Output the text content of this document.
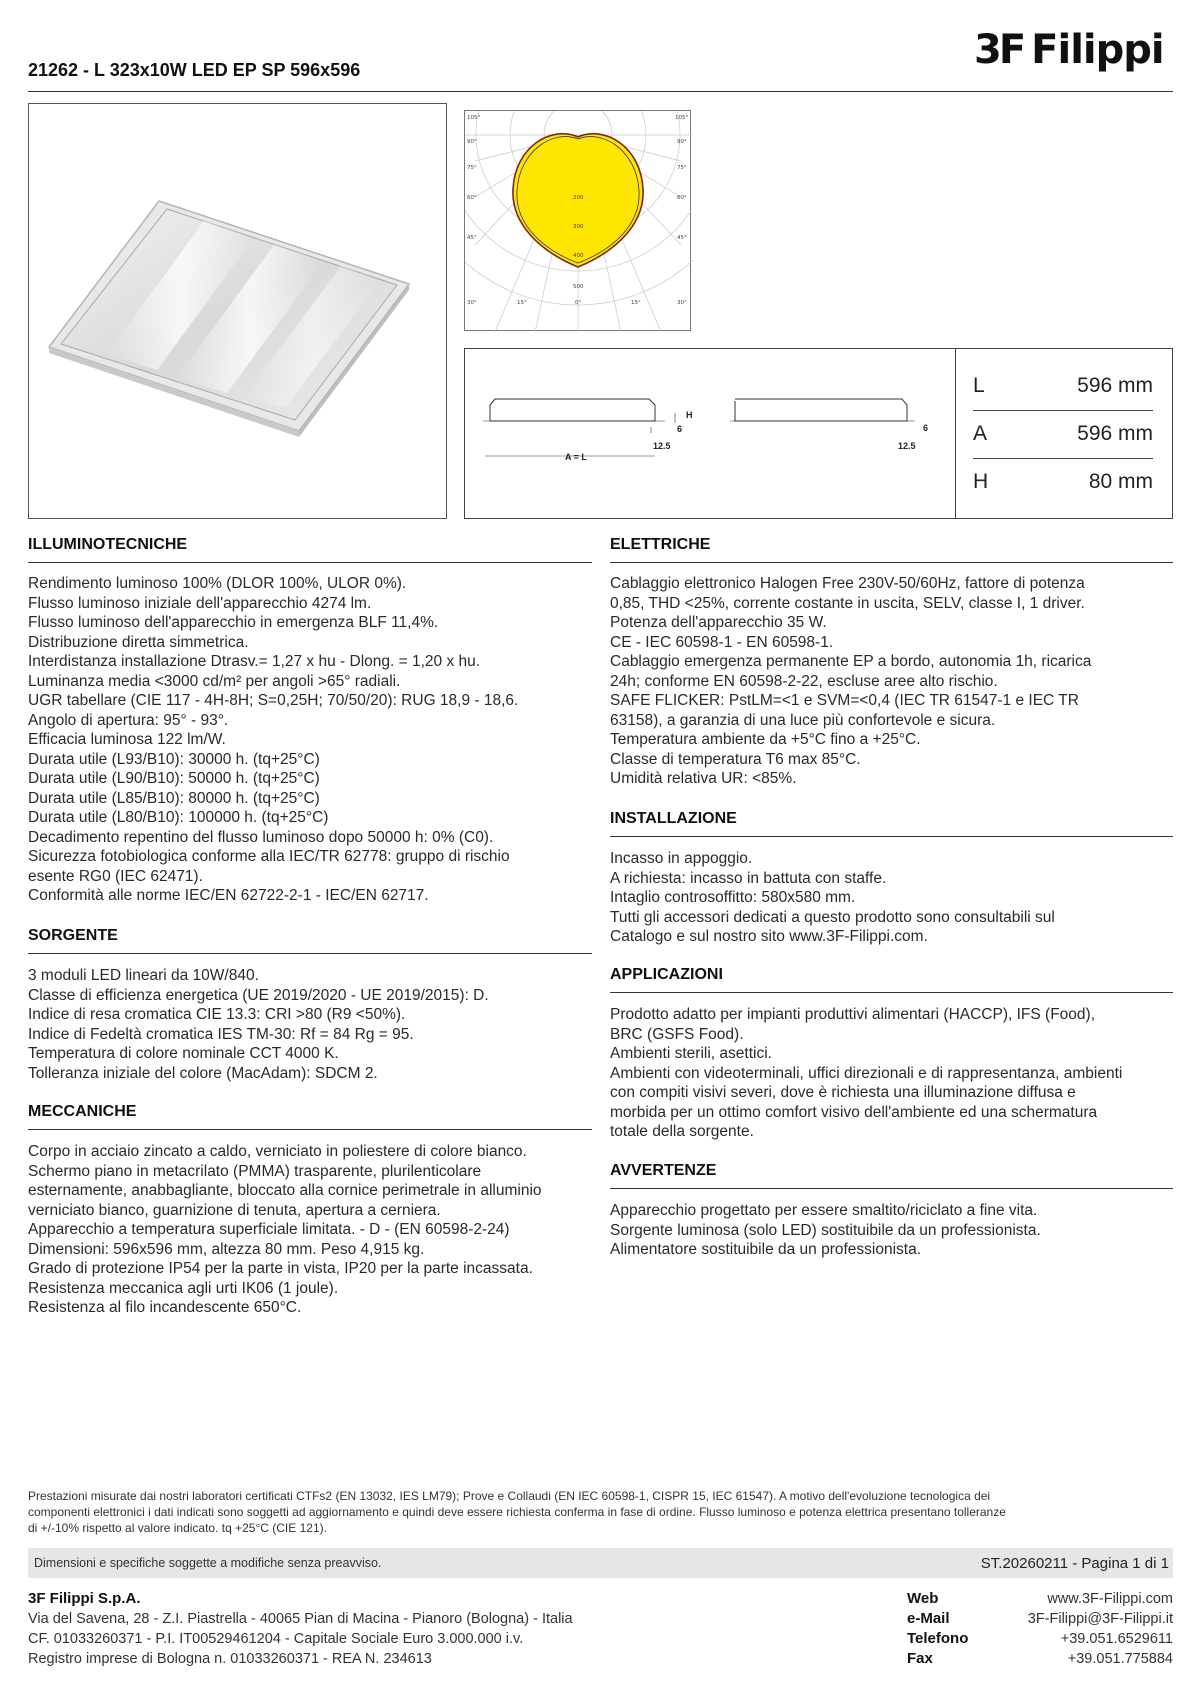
3F Filippi
21262 - L 323x10W LED EP SP 596x596
105°
90°
75°
60°
45°
30°
105°
90°
75°
60°
45°
30°
15°	0°	15°
200
300
400
500
A = L
H
6
12.5
6
12.5
L	596 mm
A	596 mm
H	80 mm
ILLUMINOTECNICHE
Rendimento luminoso 100% (DLOR 100%, ULOR 0%).
Flusso luminoso iniziale dell'apparecchio 4274 lm.
Flusso luminoso dell'apparecchio in emergenza BLF 11,4%.
Distribuzione diretta simmetrica.
Interdistanza installazione Dtrasv.= 1,27 x hu - Dlong. = 1,20 x hu.
Luminanza media <3000 cd/m² per angoli >65° radiali.
UGR tabellare (CIE 117 - 4H-8H; S=0,25H; 70/50/20): RUG 18,9 - 18,6.
Angolo di apertura: 95° - 93°.
Efficacia luminosa 122 lm/W.
Durata utile (L93/B10): 30000 h. (tq+25°C)
Durata utile (L90/B10): 50000 h. (tq+25°C)
Durata utile (L85/B10): 80000 h. (tq+25°C)
Durata utile (L80/B10): 100000 h. (tq+25°C)
Decadimento repentino del flusso luminoso dopo 50000 h: 0% (C0).
Sicurezza fotobiologica conforme alla IEC/TR 62778: gruppo di rischio
esente RG0 (IEC 62471).
Conformità alle norme IEC/EN 62722-2-1 - IEC/EN 62717.
SORGENTE
3 moduli LED lineari da 10W/840.
Classe di efficienza energetica (UE 2019/2020 - UE 2019/2015): D.
Indice di resa cromatica CIE 13.3: CRI >80 (R9 <50%).
Indice di Fedeltà cromatica IES TM-30: Rf = 84 Rg = 95.
Temperatura di colore nominale CCT 4000 K.
Tolleranza iniziale del colore (MacAdam): SDCM 2.
MECCANICHE
Corpo in acciaio zincato a caldo, verniciato in poliestere di colore bianco.
Schermo piano in metacrilato (PMMA) trasparente, plurilenticolare
esternamente, anabbagliante, bloccato alla cornice perimetrale in alluminio
verniciato bianco, guarnizione di tenuta, apertura a cerniera.
Apparecchio a temperatura superficiale limitata. - D - (EN 60598-2-24)
Dimensioni: 596x596 mm, altezza 80 mm. Peso 4,915 kg.
Grado di protezione IP54 per la parte in vista, IP20 per la parte incassata.
Resistenza meccanica agli urti IK06 (1 joule).
Resistenza al filo incandescente 650°C.
ELETTRICHE
Cablaggio elettronico Halogen Free 230V-50/60Hz, fattore di potenza
0,85, THD <25%, corrente costante in uscita, SELV, classe I, 1 driver.
Potenza dell'apparecchio 35 W.
CE - IEC 60598-1 - EN 60598-1.
Cablaggio emergenza permanente EP a bordo, autonomia 1h, ricarica
24h; conforme EN 60598-2-22, escluse aree alto rischio.
SAFE FLICKER: PstLM=<1 e SVM=<0,4 (IEC TR 61547-1 e IEC TR
63158), a garanzia di una luce più confortevole e sicura.
Temperatura ambiente da +5°C fino a +25°C.
Classe di temperatura T6 max 85°C.
Umidità relativa UR: <85%.
INSTALLAZIONE
Incasso in appoggio.
A richiesta: incasso in battuta con staffe.
Intaglio controsoffitto: 580x580 mm.
Tutti gli accessori dedicati a questo prodotto sono consultabili sul
Catalogo e sul nostro sito www.3F-Filippi.com.
APPLICAZIONI
Prodotto adatto per impianti produttivi alimentari (HACCP), IFS (Food),
BRC (GSFS Food).
Ambienti sterili, asettici.
Ambienti con videoterminali, uffici direzionali e di rappresentanza, ambienti
con compiti visivi severi, dove è richiesta una illuminazione diffusa e
morbida per un ottimo comfort visivo dell'ambiente ed una schermatura
totale della sorgente.
AVVERTENZE
Apparecchio progettato per essere smaltito/riciclato a fine vita.
Sorgente luminosa (solo LED) sostituibile da un professionista.
Alimentatore sostituibile da un professionista.
Prestazioni misurate dai nostri laboratori certificati CTFs2 (EN 13032, IES LM79); Prove e Collaudi (EN IEC 60598-1, CISPR 15, IEC 61547). A motivo dell'evoluzione tecnologica dei
componenti elettronici i dati indicati sono soggetti ad aggiornamento e quindi deve essere richiesta conferma in fase di ordine. Flusso luminoso e potenza elettrica presentano tolleranze
di +/-10% rispetto al valore indicato. tq +25°C (CIE 121).
Dimensioni e specifiche soggette a modifiche senza preavviso.	ST.20260211 - Pagina 1 di 1
3F Filippi S.p.A.
Via del Savena, 28 - Z.I. Piastrella - 40065 Pian di Macina - Pianoro (Bologna) - Italia
CF. 01033260371 - P.I. IT00529461204 - Capitale Sociale Euro 3.000.000 i.v.
Registro imprese di Bologna n. 01033260371 - REA N. 234613
Web	www.3F-Filippi.com
e-Mail	3F-Filippi@3F-Filippi.it
Telefono	+39.051.6529611
Fax	+39.051.775884
